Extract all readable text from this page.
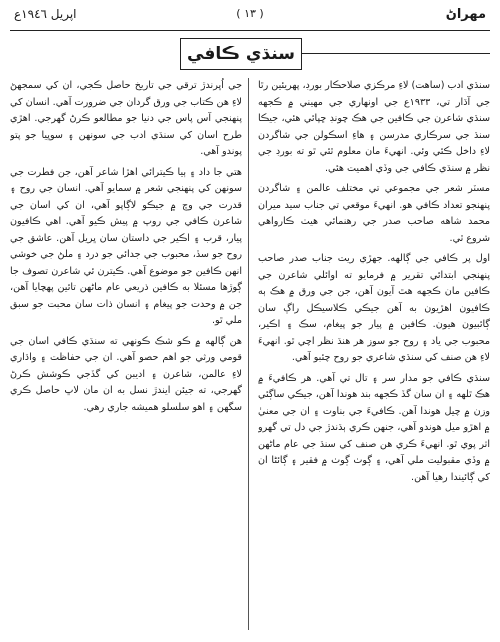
اپريل ١٩٤٦ع	( ١٣ )	مهراڻ
سنڌي ڪافي

سنڌي ادب (ساهت) لاءِ مرڪزي صلاحڪار بورڊ، پهريئين رٿا جي آڌار تي، ١٩٣٣ع جي اونهاري جي مهيني ۾ ڪجهه سنڌي شاعرن جي ڪافين جي هڪ چونڊ ڇپائي هئي، جيڪا سنڌ جي سرڪاري مدرسن ۽ هاءِ اسڪولن جي شاگردن لاءِ داخل ڪئي وئي. انهيءَ مان معلوم ٿئي ٿو ته بورڊ جي نظر ۾ سنڌي ڪافي جي وڏي اهميت هئي.

مسٽر شعر جي مجموعي تي مختلف عالمن ۽ شاگردن پنهنجو تعداد ڪافي هو. انهيءَ موقعي تي جناب سيد ميران محمد شاهه صاحب صدر جي رهنمائي هيٺ ڪارواهي شروع ٿي.

اول پر ڪافي جي ڳالهه. جهڙي ريت جناب صدر صاحب پنهنجي ابتدائي تقرير ۾ فرمايو ته اوائلي شاعرن جي ڪافين مان ڪجهه هٿ آيون آهن، جن جي ورق ۾ هڪ ٻه ڪافيون اهڙيون به آهن جيڪي ڪلاسيڪل راڳ سان ڳائبيون هيون. ڪافين ۾ پيار جو پيغام، سڪ ۽ اڪير، محبوب جي ياد ۽ روح جو سوز هر هنڌ نظر اچي ٿو. انهيءَ لاءِ هن صنف کي سنڌي شاعري جو روح چئبو آهي.

سنڌي ڪافي جو مدار سر ۽ تال تي آهي. هر ڪافيءَ ۾ هڪ ٿلهه ۽ ان سان گڏ ڪجهه بند هوندا آهن، جيڪي ساڳئي وزن ۾ چيل هوندا آهن. ڪافيءَ جي بناوت ۽ ان جي معنيٰ ۾ اهڙو ميل هوندو آهي، جنهن ڪري ٻڌندڙ جي دل تي گهرو اثر پوي ٿو. انهيءَ ڪري هن صنف کي سنڌ جي عام ماڻهن ۾ وڏي مقبوليت ملي آهي، ۽ ڳوٺ ڳوٺ ۾ فقير ۽ ڳائڻا ان کي ڳائيندا رهيا آهن.

جي اُڀرندڙ ترقي جي تاريخ حاصل ڪجي، ان کي سمجهڻ لاءِ هن ڪتاب جي ورق گردان جي ضرورت آهي. انسان کي پنهنجي آس پاس جي دنيا جو مطالعو ڪرڻ گهرجي. اهڙي طرح اسان کي سنڌي ادب جي سونهن ۽ سوڀيا جو پتو پوندو آهي.

هتي جا داد ۽ ٻيا ڪيترائي اهڙا شاعر آهن، جن فطرت جي سونهن کي پنهنجي شعر ۾ سمايو آهي. انسان جي روح ۽ قدرت جي وچ ۾ جيڪو لاڳاپو آهي، ان کي اسان جي شاعرن ڪافي جي روپ ۾ پيش ڪيو آهي. اهي ڪافيون پيار، قرب ۽ اڪير جي داستان سان ڀريل آهن. عاشق جي روح جو سڏ، محبوب جي جدائي جو درد ۽ ملڻ جي خوشي انهن ڪافين جو موضوع آهي. ڪيترن ئي شاعرن تصوف جا ڳوڙها مسئلا به ڪافين ذريعي عام ماڻهن تائين پهچايا آهن، جن ۾ وحدت جو پيغام ۽ انسان ذات سان محبت جو سبق ملي ٿو.

هن ڳالهه ۾ ڪو شڪ ڪونهي ته سنڌي ڪافي اسان جي قومي ورثي جو اهم حصو آهي. ان جي حفاظت ۽ واڌاري لاءِ عالمن، شاعرن ۽ اديبن کي گڏجي ڪوشش ڪرڻ گهرجي، ته جيئن ايندڙ نسل به ان مان لاڀ حاصل ڪري سگهن ۽ اهو سلسلو هميشه جاري رهي.
